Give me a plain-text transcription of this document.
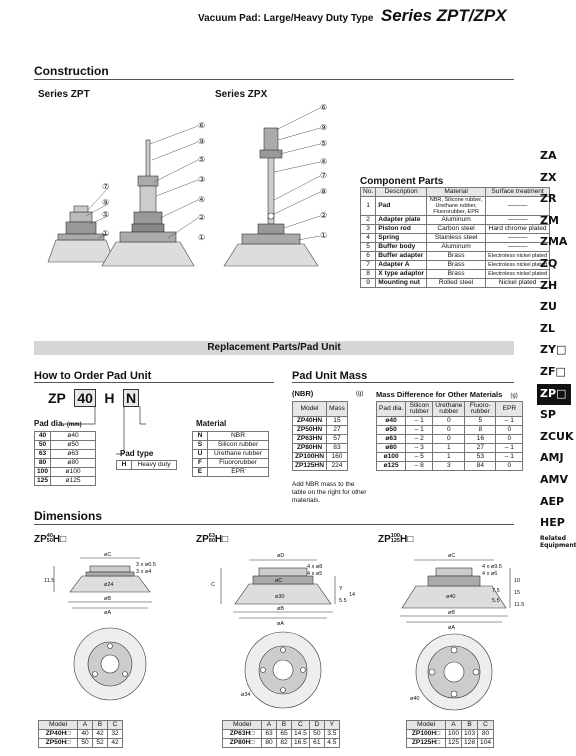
Vacuum Pad: Large/Heavy Duty Type Series ZPT/ZPX
Construction
Series ZPT	Series ZPX
⑦
⑨
⑤
①
⑥
⑨
⑤
③
④
②
①
⑥
⑨
⑤
④
⑦
⑧
②
①
Component Parts
No.	Description	Material	Surface treatment
1	Pad	NBR, Silicone rubber, Urethane rubber, Fluororubber, EPR	———
2	Adapter plate	Aluminum	———
3	Piston rod	Carbon steel	Hard chrome plated
4	Spring	Stainless steel	———
5	Buffer body	Aluminum	———
6	Buffer adapter	Brass	Electroless nickel plated
7	Adapter A	Brass	Electroless nickel plated
8	X type adaptor	Brass	Electroless nickel plated
9	Mounting nut	Rolled steel	Nickel plated
Replacement Parts/Pad Unit
How to Order Pad Unit
ZP 40 H N
Pad dia. (mm)
40	ø40
50	ø50
63	ø63
80	ø80
100	ø100
125	ø125
Pad type
H	Heavy duty
Material
N	NBR
S	Silicon rubber
U	Urethane rubber
F	Fluororubber
E	EPR
Pad Unit Mass
(NBR)	(g)
Model	Mass
ZP40HN	15
ZP50HN	27
ZP63HN	57
ZP80HN	83
ZP100HN	160
ZP125HN	224
Add NBR mass to the table on the right for other materials.
Mass Difference for Other Materials (g)
Pad dia.	Silicon rubber	Urethane rubber	Fluoro-rubber	EPR
ø40	– 1	0	5	– 1
ø50	– 1	0	8	0
ø63	– 2	0	16	0
ø80	– 3	1	27	– 1
ø100	– 5	1	53	– 1
ø125	– 8	3	84	0
Dimensions
ZP40
50H□	ZP63
80H□	ZP100
125H□
øC
3 x ø6.5
3 x ø4
11.5
ø24
øB
øA
øD
4 x ø8
4 x ø5
øC
ø30
øB
øA
C
Y
ø34
5.5
14
øC
4 x ø9.5
4 x ø6
ø40
øB
øA
ø40
5.5
10
15
11.5
7.5
Model	A	B	C
ZP40H□	40	42	32
ZP50H□	50	52	42
Model	A	B	C	D	Y
ZP63H□	63	65	14.5	50	3.5
ZP80H□	80	82	16.5	61	4.5
Model	A	B	C
ZP100H□	100	103	80
ZP125H□	125	128	104
ZA
ZX
ZR
ZM
ZMA
ZQ
ZH
ZU
ZL
ZY□
ZF□
ZP□
SP
ZCUK
AMJ
AMV
AEP
HEP
Related Equipment
